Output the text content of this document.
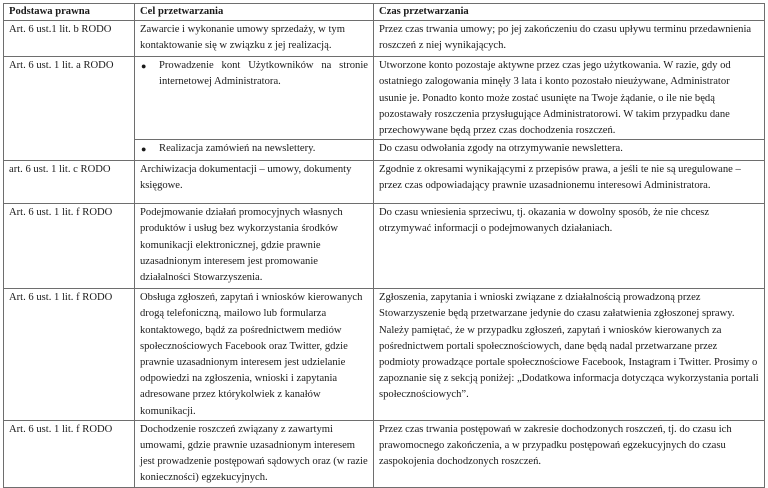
Podstawa prawna	Cel przetwarzania	Czas przetwarzania
Art. 6 ust.1 lit. b RODO	Zawarcie i wykonanie umowy sprzedaży, w tym kontaktowanie się w związku z jej realizacją.	Przez czas trwania umowy; po jej zakończeniu do czasu upływu terminu przedawnienia roszczeń z niej wynikających.
Art. 6 ust. 1 lit. a RODO	● Prowadzenie kont Użytkowników na stronie internetowej Administratora.	Utworzone konto pozostaje aktywne przez czas jego użytkowania. W razie, gdy od ostatniego zalogowania minęły 3 lata i konto pozostało nieużywane, Administrator usunie je. Ponadto konto może zostać usunięte na Twoje żądanie, o ile nie będą pozostawały roszczenia przysługujące Administratorowi. W takim przypadku dane przechowywane będą przez czas dochodzenia roszczeń.

	● Realizacja zamówień na newslettery.	Do czasu odwołania zgody na otrzymywanie newslettera.
art. 6 ust. 1 lit. c RODO	Archiwizacja dokumentacji – umowy, dokumenty księgowe.	Zgodnie z okresami wynikającymi z przepisów prawa, a jeśli te nie są uregulowane – przez czas odpowiadający prawnie uzasadnionemu interesowi Administratora.
Art. 6 ust. 1 lit. f RODO	Podejmowanie działań promocyjnych własnych produktów i usług bez wykorzystania środków komunikacji elektronicznej, gdzie prawnie uzasadnionym interesem jest promowanie działalności Stowarzyszenia.	Do czasu wniesienia sprzeciwu, tj. okazania w dowolny sposób, że nie chcesz otrzymywać informacji o podejmowanych działaniach.
Art. 6 ust. 1 lit. f RODO	Obsługa zgłoszeń, zapytań i wniosków kierowanych drogą telefoniczną, mailowo lub formularza kontaktowego, bądź za pośrednictwem mediów społecznościowych Facebook oraz Twitter, gdzie prawnie uzasadnionym interesem jest udzielanie odpowiedzi na zgłoszenia, wnioski i zapytania adresowane przez którykolwiek z kanałów komunikacji.	Zgłoszenia, zapytania i wnioski związane z działalnością prowadzoną przez Stowarzyszenie będą przetwarzane jedynie do czasu załatwienia zgłoszonej sprawy. Należy pamiętać, że w przypadku zgłoszeń, zapytań i wniosków kierowanych za pośrednictwem portali społecznościowych, dane będą nadal przetwarzane przez podmioty prowadzące portale społecznościowe Facebook, Instagram i Twitter. Prosimy o zapoznanie się z sekcją poniżej: „Dodatkowa informacja dotycząca wykorzystania portali społecznościowych”.
Art. 6 ust. 1 lit. f RODO	Dochodzenie roszczeń związany z zawartymi umowami, gdzie prawnie uzasadnionym interesem jest prowadzenie postępowań sądowych oraz (w razie konieczności) egzekucyjnych.	Przez czas trwania postępowań w zakresie dochodzonych roszczeń, tj. do czasu ich prawomocnego zakończenia, a w przypadku postępowań egzekucyjnych do czasu zaspokojenia dochodzonych roszczeń.
